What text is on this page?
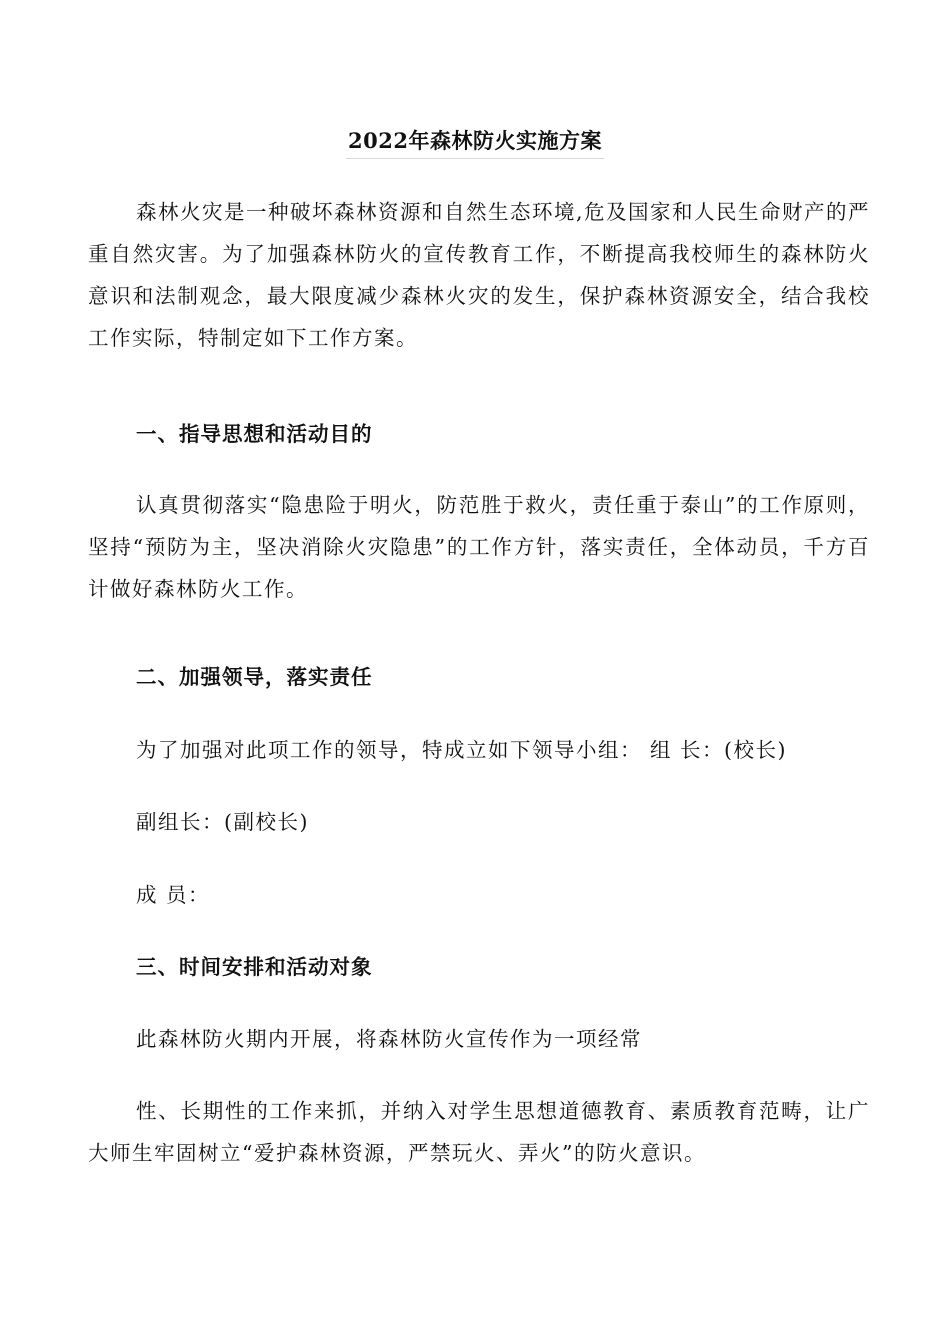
2022年森林防火实施方案

森林火灾是一种破坏森林资源和自然生态环境,危及国家和人民生命财产的严重自然灾害。为了加强森林防火的宣传教育工作，不断提高我校师生的森林防火意识和法制观念，最大限度减少森林火灾的发生，保护森林资源安全，结合我校工作实际，特制定如下工作方案。

一、指导思想和活动目的

认真贯彻落实“隐患险于明火，防范胜于救火，责任重于泰山”的工作原则，坚持“预防为主，坚决消除火灾隐患”的工作方针，落实责任，全体动员，千方百计做好森林防火工作。

二、加强领导，落实责任

为了加强对此项工作的领导，特成立如下领导小组： 组 长：(校长)

副组长：(副校长)

成 员：

三、时间安排和活动对象

此森林防火期内开展，将森林防火宣传作为一项经常

性、长期性的工作来抓，并纳入对学生思想道德教育、素质教育范畴，让广大师生牢固树立“爱护森林资源，严禁玩火、弄火”的防火意识。
